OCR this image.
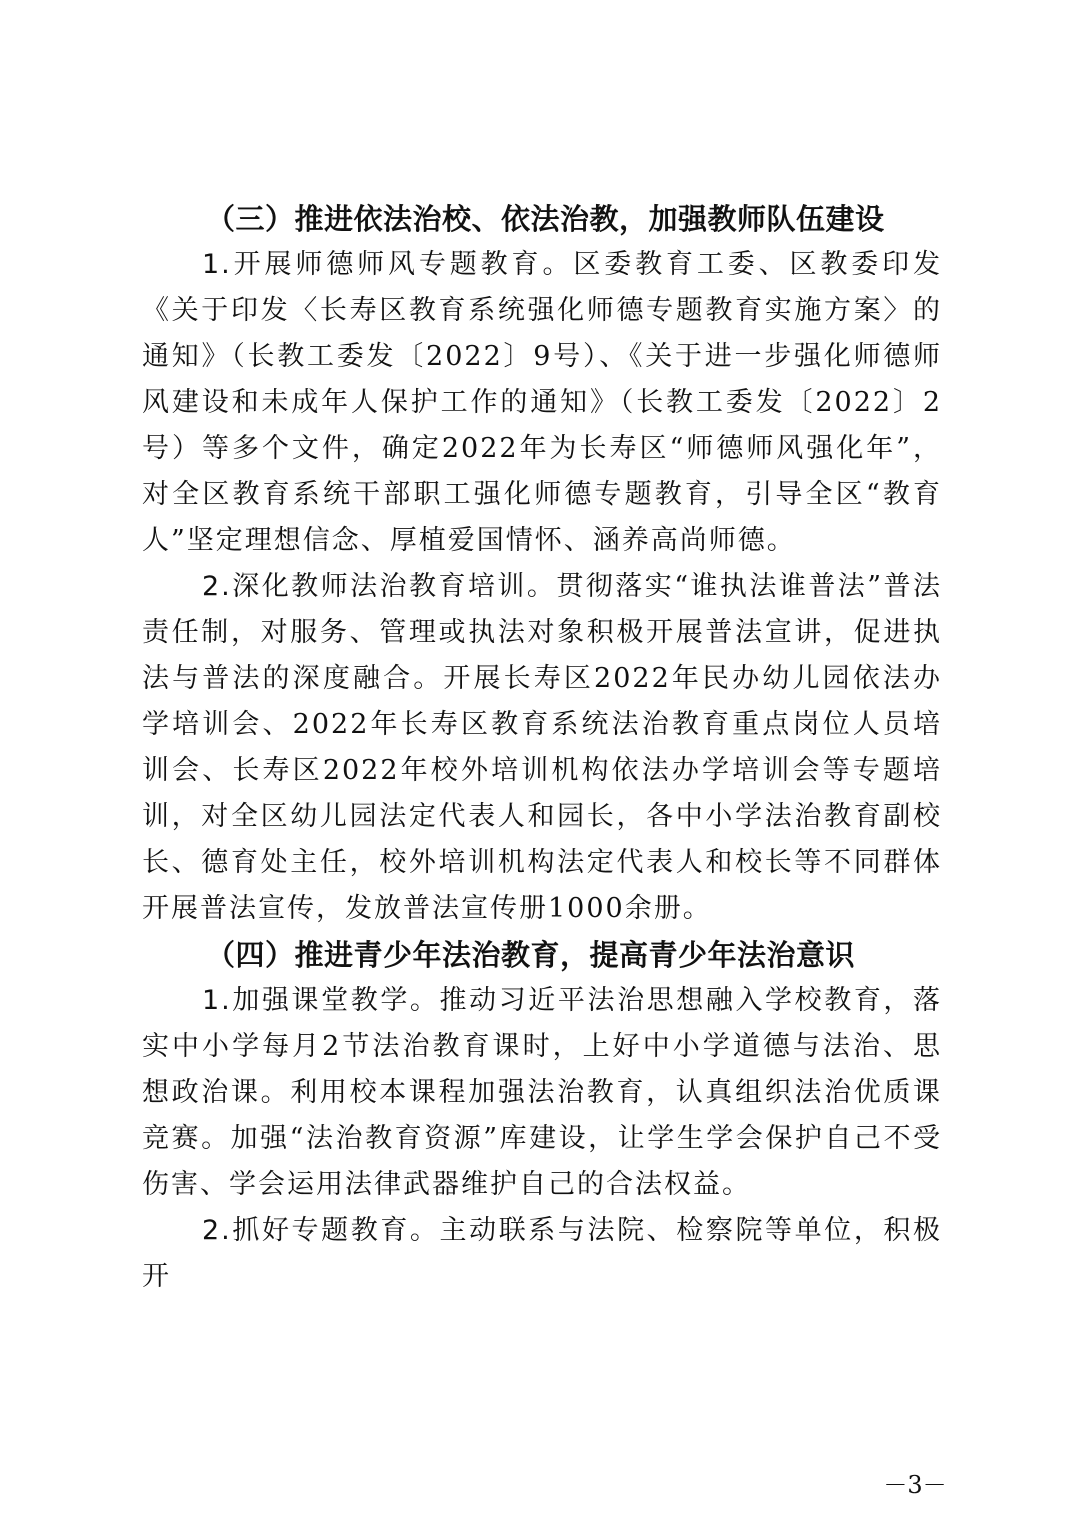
（三）推进依法治校、依法治教，加强教师队伍建设

1.开展师德师风专题教育。区委教育工委、区教委印发《关于印发〈长寿区教育系统强化师德专题教育实施方案〉的通知》（长教工委发〔2022〕9号）、《关于进一步强化师德师风建设和未成年人保护工作的通知》（长教工委发〔2022〕2号）等多个文件，确定2022年为长寿区“师德师风强化年”，对全区教育系统干部职工强化师德专题教育，引导全区“教育人”坚定理想信念、厚植爱国情怀、涵养高尚师德。

2.深化教师法治教育培训。贯彻落实“谁执法谁普法”普法责任制，对服务、管理或执法对象积极开展普法宣讲，促进执法与普法的深度融合。开展长寿区2022年民办幼儿园依法办学培训会、2022年长寿区教育系统法治教育重点岗位人员培训会、长寿区2022年校外培训机构依法办学培训会等专题培训，对全区幼儿园法定代表人和园长，各中小学法治教育副校长、德育处主任，校外培训机构法定代表人和校长等不同群体开展普法宣传，发放普法宣传册1000余册。

（四）推进青少年法治教育，提高青少年法治意识

1.加强课堂教学。推动习近平法治思想融入学校教育，落实中小学每月2节法治教育课时，上好中小学道德与法治、思想政治课。利用校本课程加强法治教育，认真组织法治优质课竞赛。加强“法治教育资源”库建设，让学生学会保护自己不受伤害、学会运用法律武器维护自己的合法权益。

2.抓好专题教育。主动联系与法院、检察院等单位，积极开

－3－
